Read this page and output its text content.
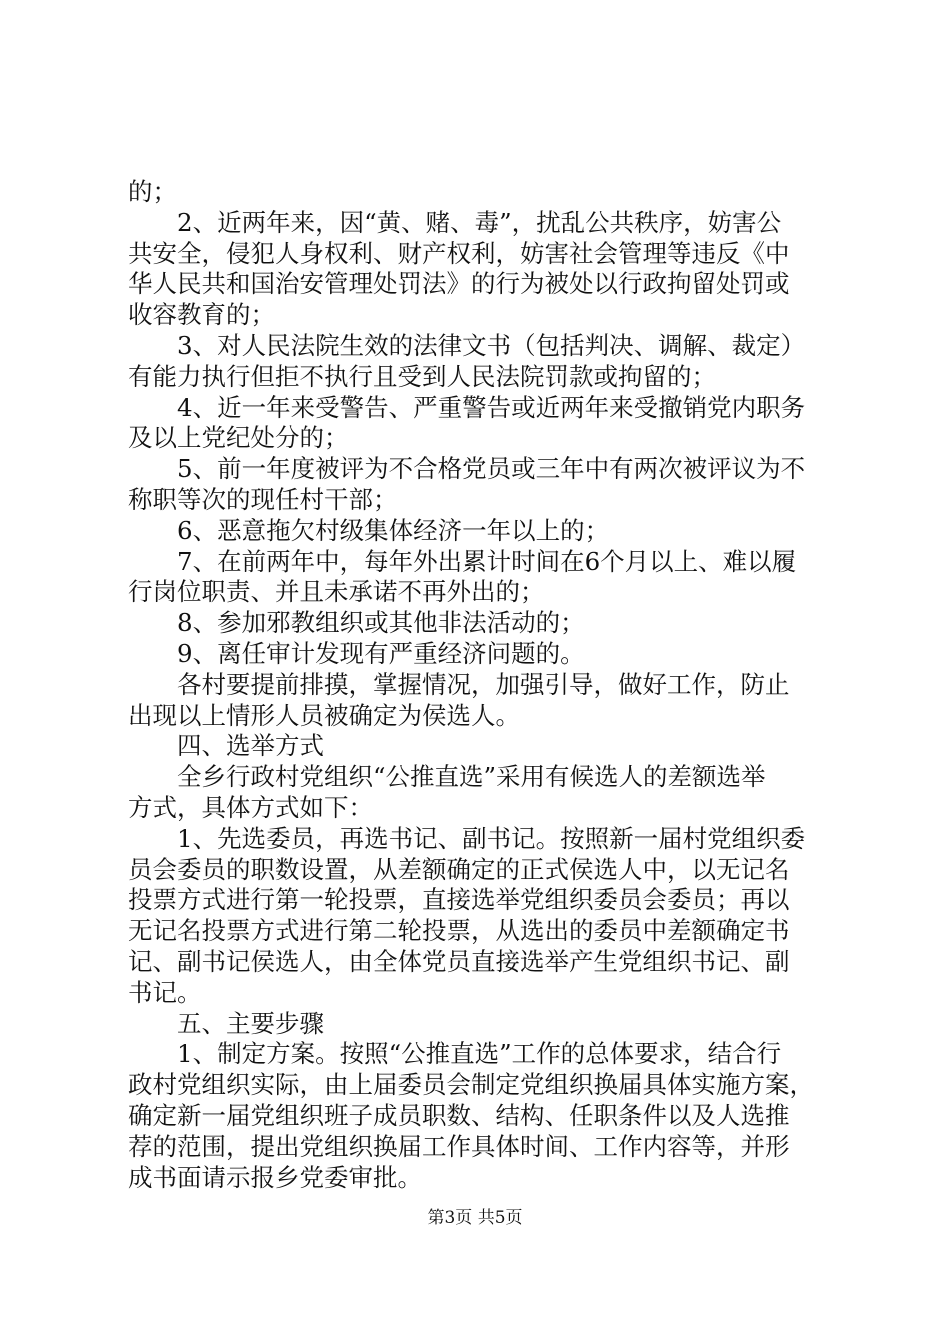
的；
2、近两年来，因“黄、赌、毒”，扰乱公共秩序，妨害公
共安全，侵犯人身权利、财产权利，妨害社会管理等违反《中
华人民共和国治安管理处罚法》的行为被处以行政拘留处罚或
收容教育的；
3、对人民法院生效的法律文书（包括判决、调解、裁定）
有能力执行但拒不执行且受到人民法院罚款或拘留的；
4、近一年来受警告、严重警告或近两年来受撤销党内职务
及以上党纪处分的；
5、前一年度被评为不合格党员或三年中有两次被评议为不
称职等次的现任村干部；
6、恶意拖欠村级集体经济一年以上的；
7、在前两年中，每年外出累计时间在6个月以上、难以履
行岗位职责、并且未承诺不再外出的；
8、参加邪教组织或其他非法活动的；
9、离任审计发现有严重经济问题的。
各村要提前排摸，掌握情况，加强引导，做好工作，防止
出现以上情形人员被确定为侯选人。
四、选举方式
全乡行政村党组织“公推直选”采用有候选人的差额选举
方式，具体方式如下：
1、先选委员，再选书记、副书记。按照新一届村党组织委
员会委员的职数设置，从差额确定的正式侯选人中，以无记名
投票方式进行第一轮投票，直接选举党组织委员会委员；再以
无记名投票方式进行第二轮投票，从选出的委员中差额确定书
记、副书记侯选人，由全体党员直接选举产生党组织书记、副
书记。
五、主要步骤
1、制定方案。按照“公推直选”工作的总体要求，结合行
政村党组织实际，由上届委员会制定党组织换届具体实施方案，
确定新一届党组织班子成员职数、结构、任职条件以及人选推
荐的范围，提出党组织换届工作具体时间、工作内容等，并形
成书面请示报乡党委审批。
第3页 共5页
